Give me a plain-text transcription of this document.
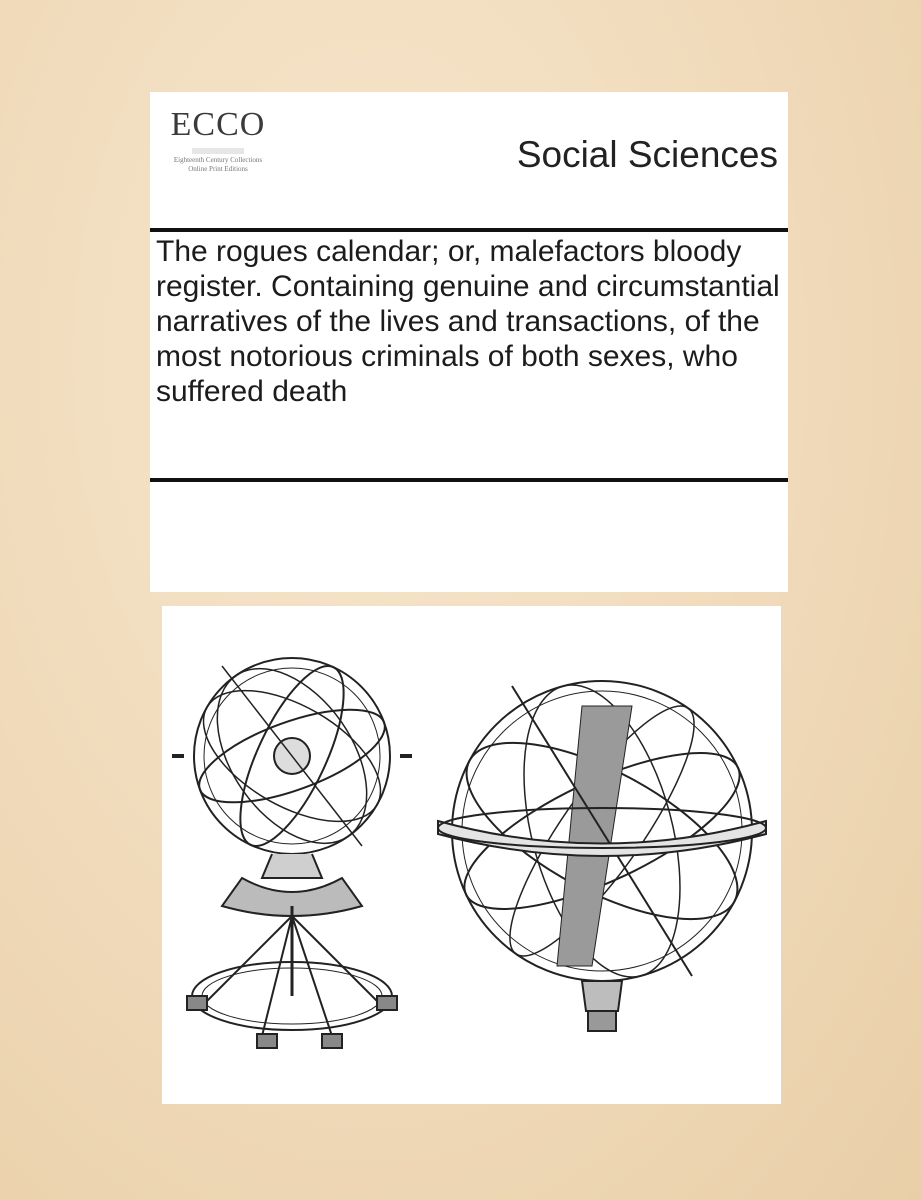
ECCO
Eighteenth Century Collections Online Print Editions	Social Sciences
The rogues calendar; or, malefactors bloody register. Containing genuine and circumstantial narratives of the lives and transactions, of the most notorious criminals of both sexes, who suffered death
